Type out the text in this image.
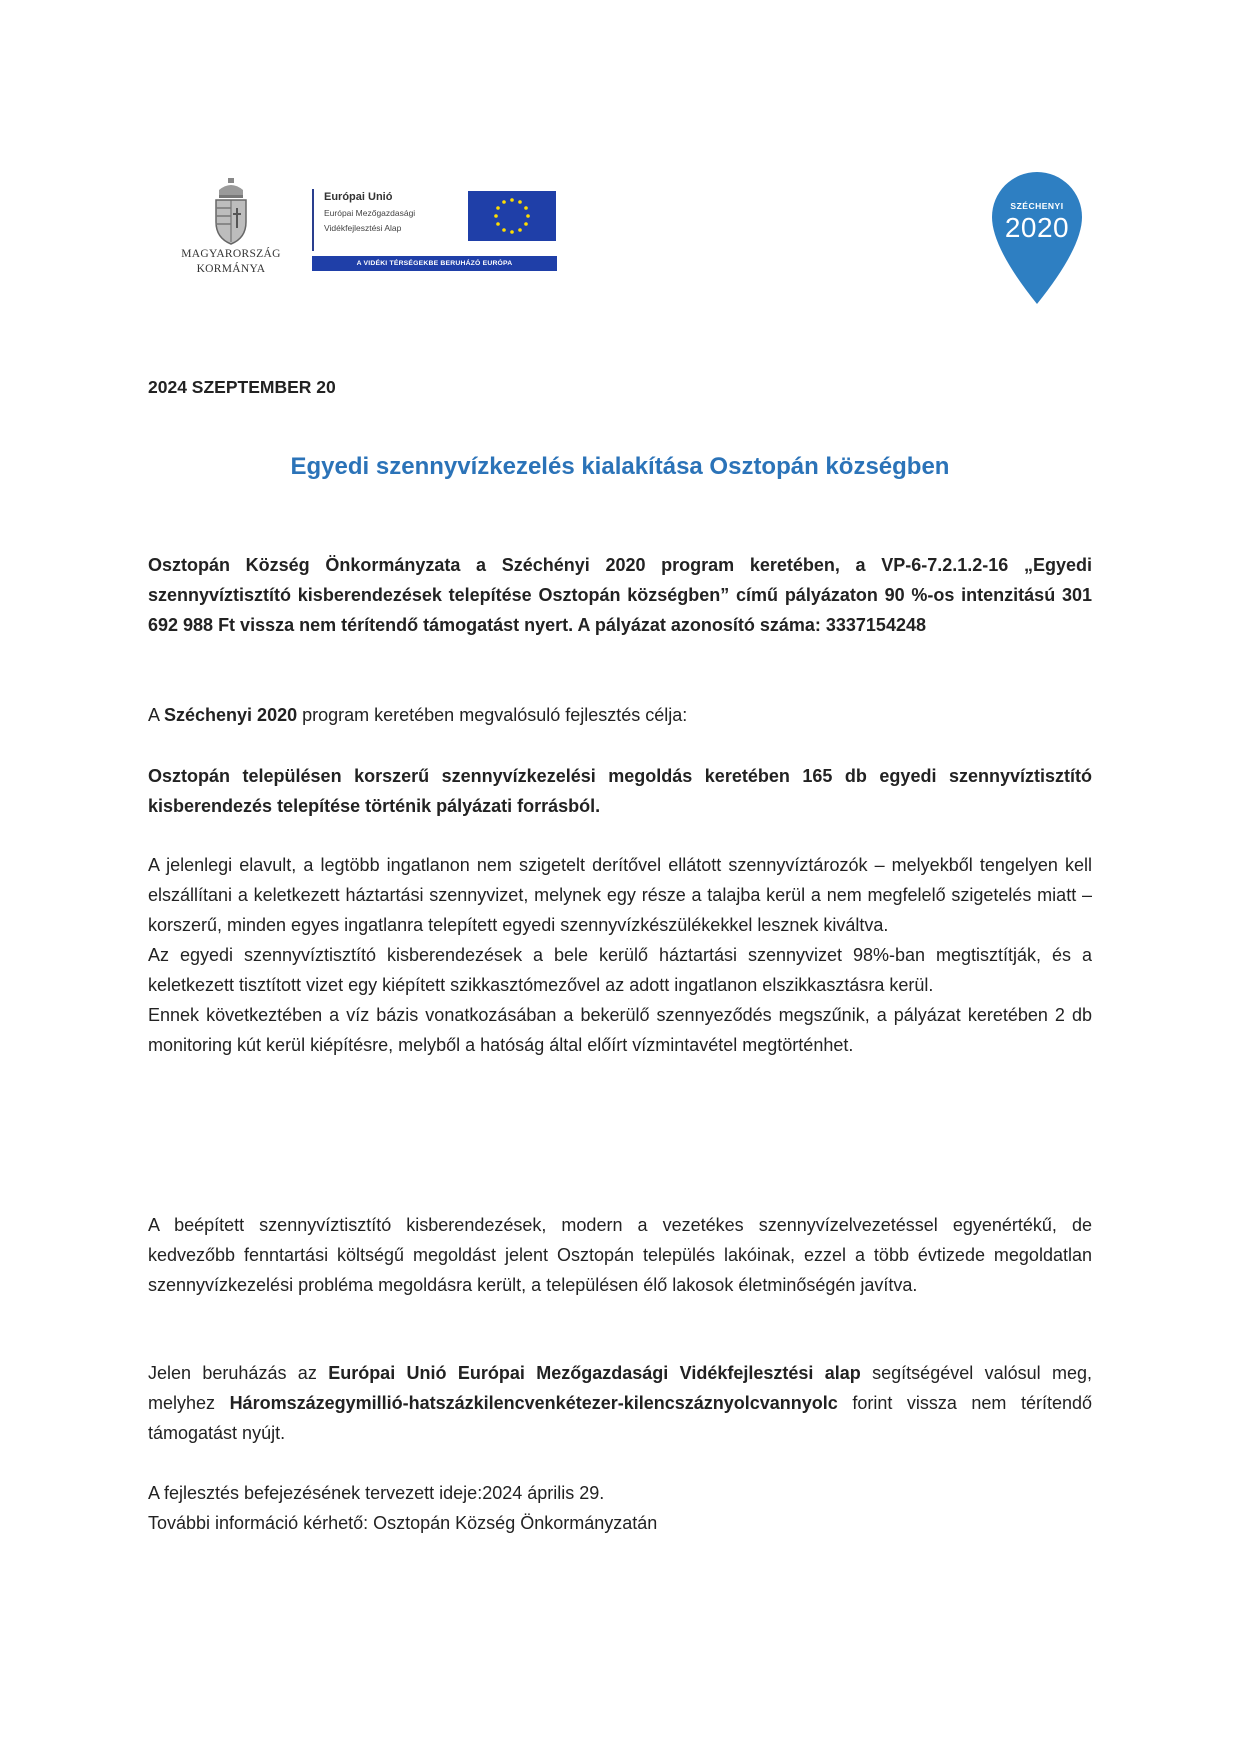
MAGYARORSZÁG
KORMÁNYA
Európai Unió
Európai Mezőgazdasági
Vidékfejlesztési Alap
A VIDÉKI TÉRSÉGEKBE BERUHÁZÓ EURÓPA
SZÉCHENYI
2020
2024 SZEPTEMBER 20
Egyedi szennyvízkezelés kialakítása Osztopán községben

Osztopán Község Önkormányzata a Széchényi 2020 program keretében, a VP-6-7.2.1.2-16 „Egyedi szennyvíztisztító kisberendezések telepítése Osztopán községben” című pályázaton 90 %-os intenzitású 301 692 988 Ft vissza nem térítendő támogatást nyert. A pályázat azonosító száma: 3337154248

A Széchenyi 2020 program keretében megvalósuló fejlesztés célja:

Osztopán településen korszerű szennyvízkezelési megoldás keretében 165 db egyedi szennyvíztisztító kisberendezés telepítése történik pályázati forrásból.

A jelenlegi elavult, a legtöbb ingatlanon nem szigetelt derítővel ellátott szennyvíztározók – melyekből tengelyen kell elszállítani a keletkezett háztartási szennyvizet, melynek egy része a talajba kerül a nem megfelelő szigetelés miatt – korszerű, minden egyes ingatlanra telepített egyedi szennyvízkészülékekkel lesznek kiváltva.
Az egyedi szennyvíztisztító kisberendezések a bele kerülő háztartási szennyvizet 98%-ban megtisztítják, és a keletkezett tisztított vizet egy kiépített szikkasztómezővel az adott ingatlanon elszikkasztásra kerül.
Ennek következtében a víz bázis vonatkozásában a bekerülő szennyeződés megszűnik, a pályázat keretében 2 db monitoring kút kerül kiépítésre, melyből a hatóság által előírt vízmintavétel megtörténhet.

A beépített szennyvíztisztító kisberendezések, modern a vezetékes szennyvízelvezetéssel egyenértékű, de kedvezőbb fenntartási költségű megoldást jelent Osztopán település lakóinak, ezzel a több évtizede megoldatlan szennyvízkezelési probléma megoldásra került, a településen élő lakosok életminőségén javítva.

Jelen beruházás az Európai Unió Európai Mezőgazdasági Vidékfejlesztési alap segítségével valósul meg, melyhez Háromszázegymillió-hatszázkilencvenkétezer-kilencszáznyolcvannyolc forint vissza nem térítendő támogatást nyújt.

A fejlesztés befejezésének tervezett ideje:2024 április 29.
További információ kérhető: Osztopán Község Önkormányzatán
